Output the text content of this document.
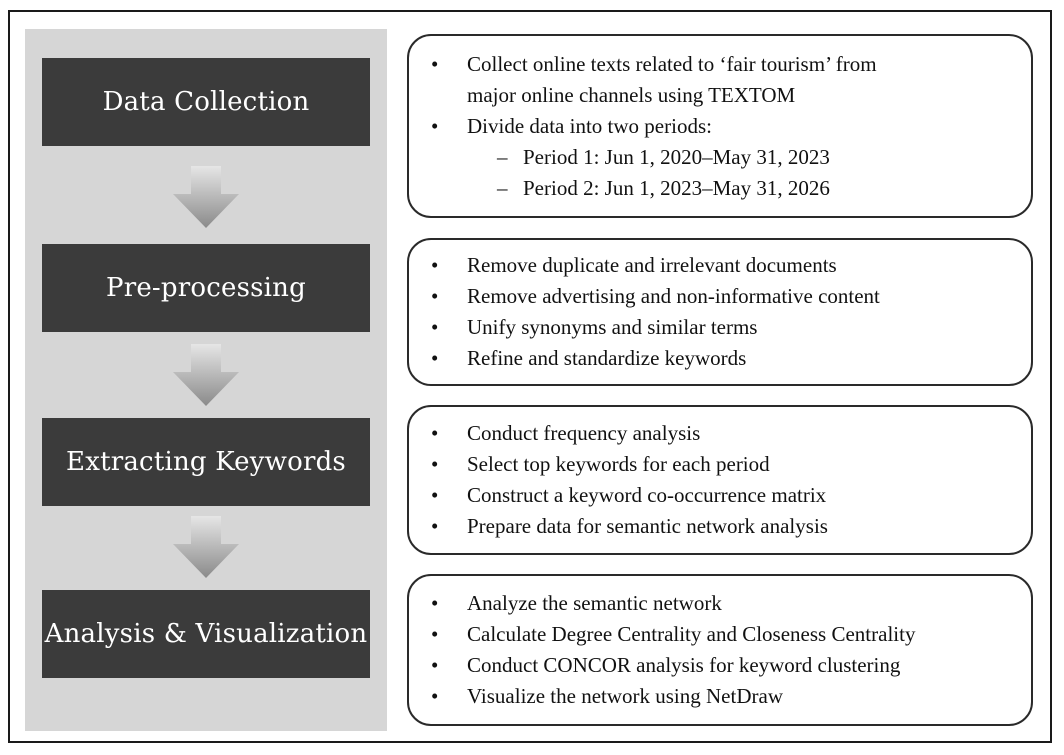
Data Collection
Pre-processing
Extracting Keywords
Analysis & Visualization
•	Collect online texts related to ‘fair tourism’ from
major online channels using TEXTOM
•	Divide data into two periods:
– Period 1: Jun 1, 2020–May 31, 2023
– Period 2: Jun 1, 2023–May 31, 2026
•	Remove duplicate and irrelevant documents
•	Remove advertising and non-informative content
•	Unify synonyms and similar terms
•	Refine and standardize keywords
•	Conduct frequency analysis
•	Select top keywords for each period
•	Construct a keyword co-occurrence matrix
•	Prepare data for semantic network analysis
•	Analyze the semantic network
•	Calculate Degree Centrality and Closeness Centrality
•	Conduct CONCOR analysis for keyword clustering
•	Visualize the network using NetDraw
